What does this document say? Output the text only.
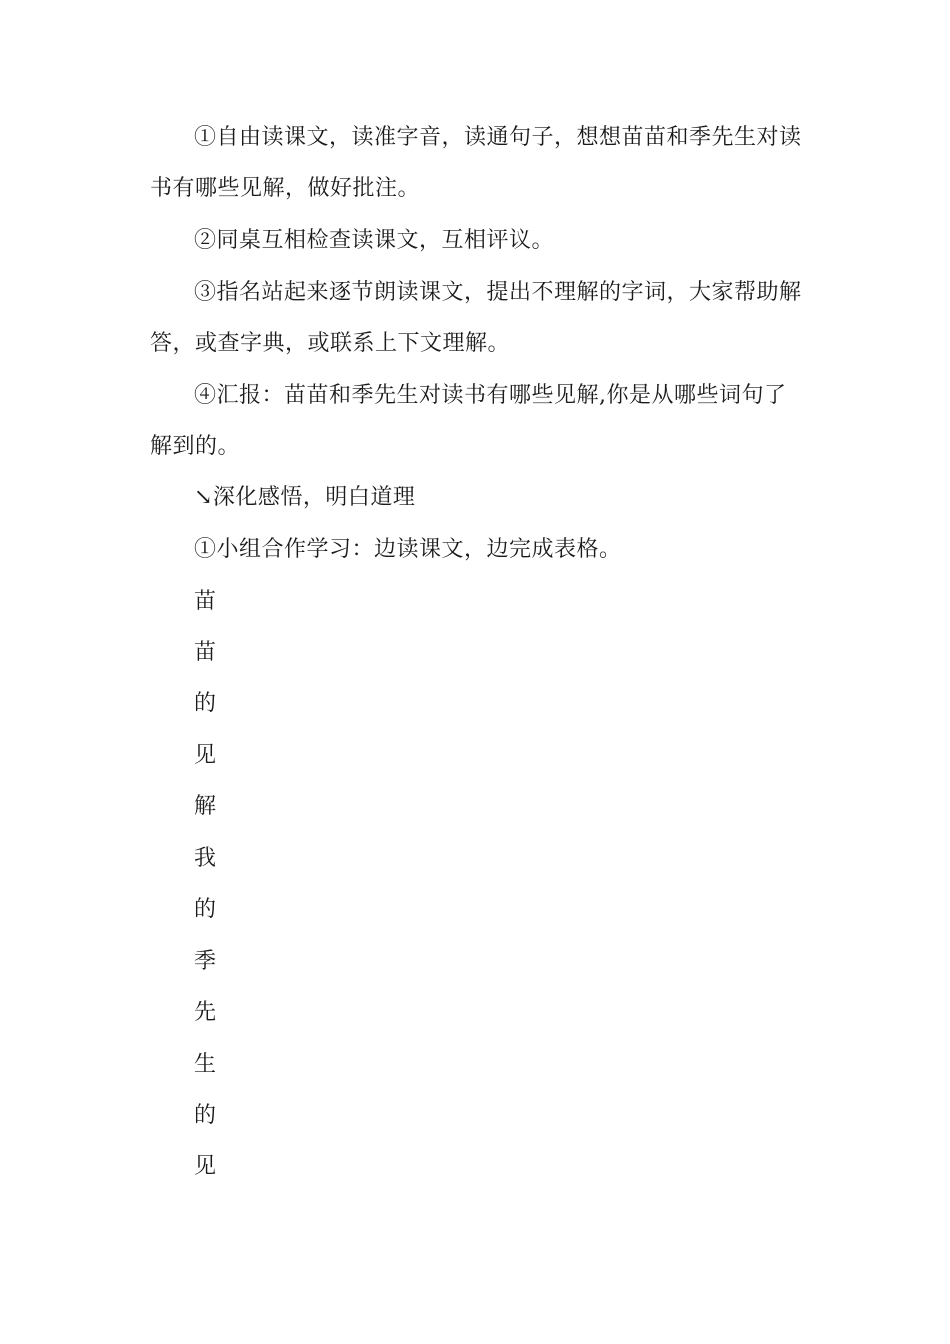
①自由读课文，读准字音，读通句子，想想苗苗和季先生对读
书有哪些见解，做好批注。
②同桌互相检查读课文，互相评议。
③指名站起来逐节朗读课文，提出不理解的字词，大家帮助解
答，或查字典，或联系上下文理解。
④汇报：苗苗和季先生对读书有哪些见解,你是从哪些词句了
解到的。
↘深化感悟，明白道理
①小组合作学习：边读课文，边完成表格。
苗
苗
的
见
解
我
的
季
先
生
的
见
